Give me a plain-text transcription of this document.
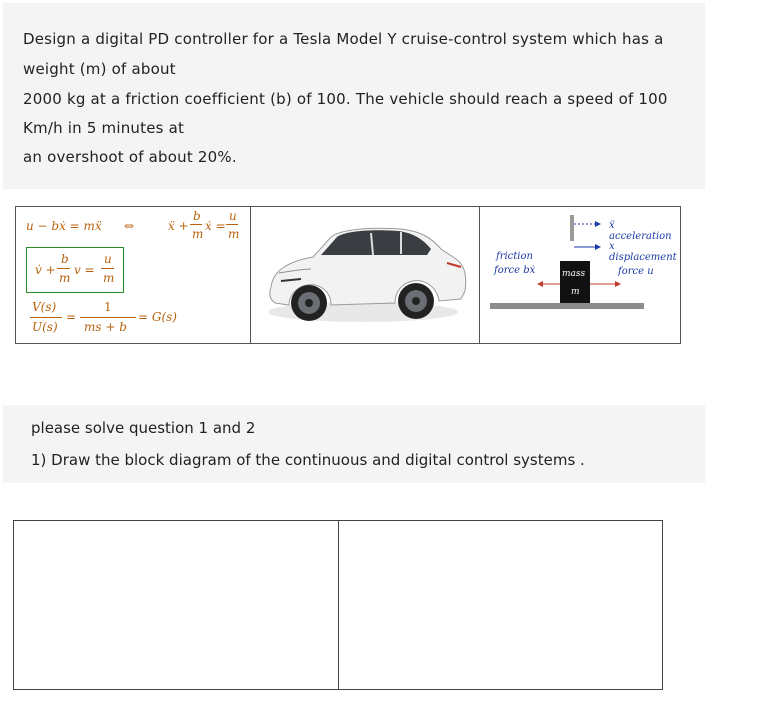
Design a digital PD controller for a Tesla Model Y cruise-control system which has a

weight (m) of about

2000 kg at a friction coefficient (b) of 100. The vehicle should reach a speed of 100

Km/h in 5 minutes at

an overshoot of about 20%.

u − bẋ = mẍ ⇔	ẍ +
b
m
ẋ =
u
m
v̇ +
b
m
v =
u
m
V(s)
U(s)
=
1
ms + b
= G(s)
ẍ acceleration
x displacement
friction
force bẋ	force u
mass
m

please solve question 1 and 2

1) Draw the block diagram of the continuous and digital control systems .
